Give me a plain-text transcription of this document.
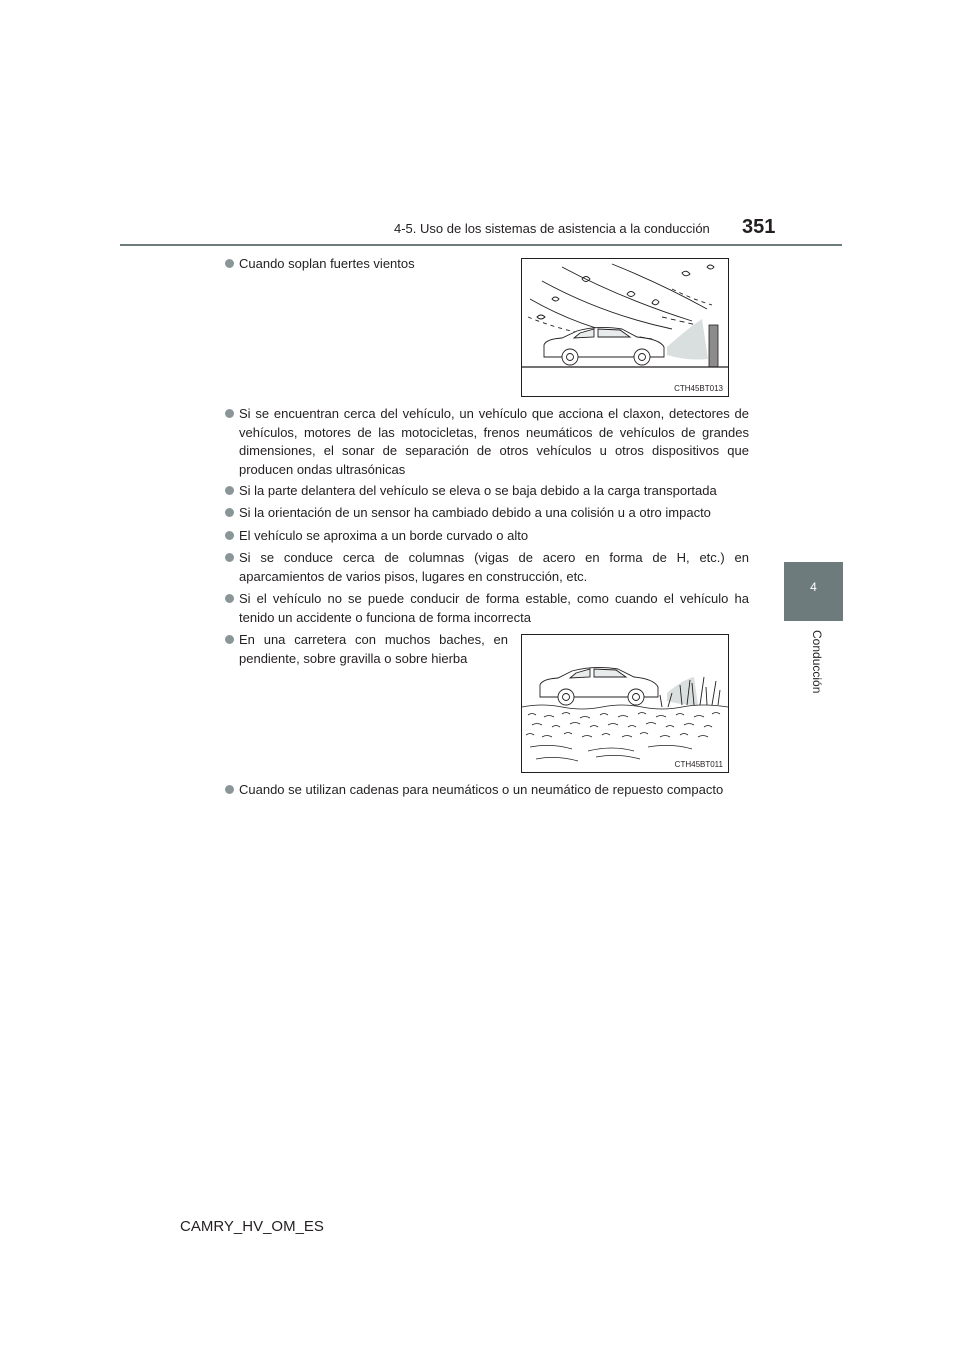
4-5. Uso de los sistemas de asistencia a la conducción 351
4
Conducción
Cuando soplan fuertes vientos
Si se encuentran cerca del vehículo, un vehículo que acciona el claxon, detectores de vehículos, motores de las motocicletas, frenos neumáticos de vehículos de grandes dimensiones, el sonar de separación de otros vehículos u otros dispositivos que producen ondas ultrasónicas
Si la parte delantera del vehículo se eleva o se baja debido a la carga transportada
Si la orientación de un sensor ha cambiado debido a una colisión u a otro impacto
El vehículo se aproxima a un borde curvado o alto
Si se conduce cerca de columnas (vigas de acero en forma de H, etc.) en aparcamientos de varios pisos, lugares en construcción, etc.
Si el vehículo no se puede conducir de forma estable, como cuando el vehículo ha tenido un accidente o funciona de forma incorrecta
En una carretera con muchos baches, en pendiente, sobre gravilla o sobre hierba
Cuando se utilizan cadenas para neumáticos o un neumático de repuesto compacto
CTH45BT013
CTH45BT011
CAMRY_HV_OM_ES
